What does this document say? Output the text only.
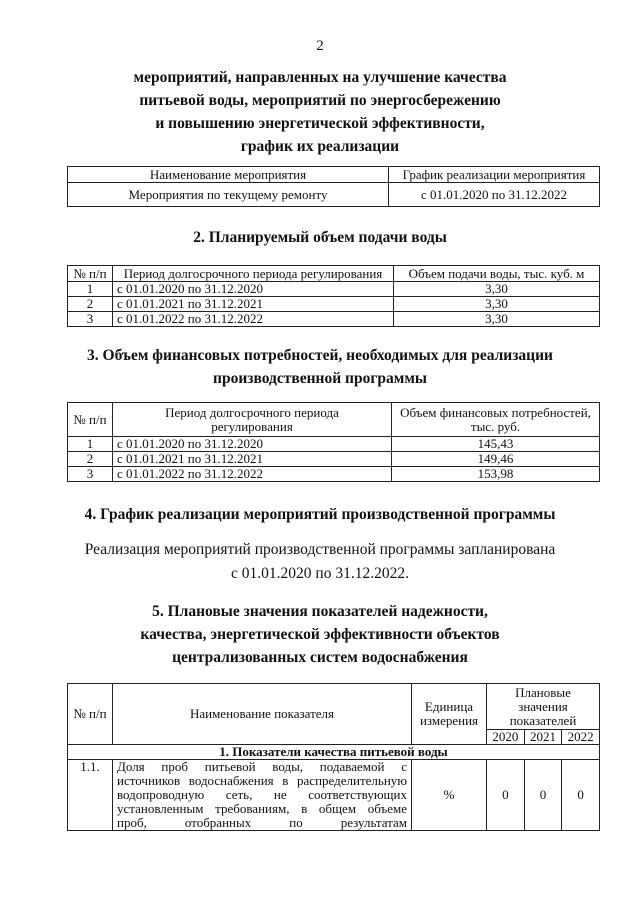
2
мероприятий, направленных на улучшение качества
питьевой воды, мероприятий по энергосбережению
и повышению энергетической эффективности,
график их реализации
Наименование мероприятия	График реализации мероприятия
Мероприятия по текущему ремонту	с 01.01.2020 по 31.12.2022
2. Планируемый объем подачи воды
№ п/п	Период долгосрочного периода регулирования	Объем подачи воды, тыс. куб. м
1	с 01.01.2020 по 31.12.2020	3,30
2	с 01.01.2021 по 31.12.2021	3,30
3	с 01.01.2022 по 31.12.2022	3,30
3. Объем финансовых потребностей, необходимых для реализации
производственной программы
№ п/п	Период долгосрочного периода регулирования	Объем финансовых потребностей, тыс. руб.
1	с 01.01.2020 по 31.12.2020	145,43
2	с 01.01.2021 по 31.12.2021	149,46
3	с 01.01.2022 по 31.12.2022	153,98
4. График реализации мероприятий производственной программы
Реализация мероприятий производственной программы запланирована
с 01.01.2020 по 31.12.2022.
5. Плановые значения показателей надежности,
качества, энергетической эффективности объектов
централизованных систем водоснабжения
№ п/п	Наименование показателя	Единица измерения	Плановые значения показателей		
			2020	2021	2022
1. Показатели качества питьевой воды					
1.1.	Доля проб питьевой воды, подаваемой с
источников водоснабжения в распределительную
водопроводную сеть, не соответствующих
установленным требованиям, в общем объеме
проб, отобранных по результатам	%	0	0	0
